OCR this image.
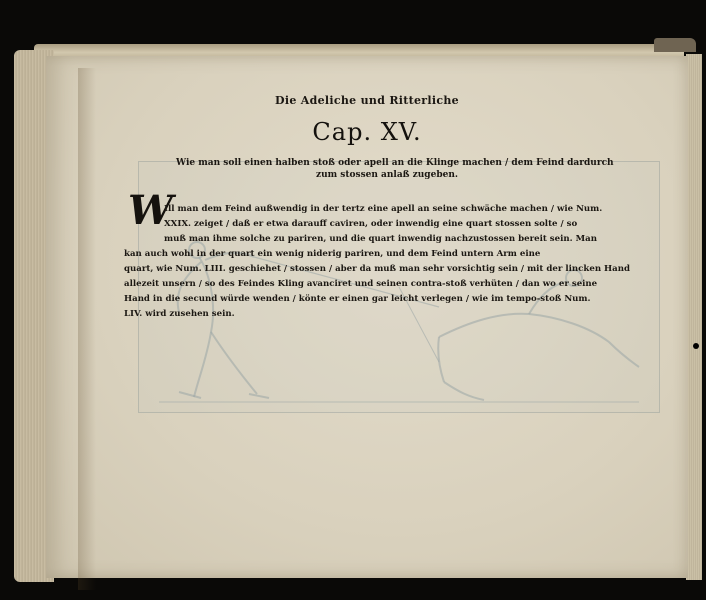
Die Adeliche und Ritterliche
Cap. XV.
Wie man soll einen halben stoß oder apell an die Klinge machen / dem Feind dardurch
zum stossen anlaß zugeben.
W
Ill man dem Feind außwendig in der tertz eine apell an seine schwäche machen / wie Num.
XXIX. zeiget / daß er etwa darauff caviren, oder inwendig eine quart stossen solte / so
muß man ihme solche zu pariren, und die quart inwendig nachzustossen bereit sein. Man
kan auch wohl in der quart ein wenig niderig pariren, und dem Feind untern Arm eine
quart, wie Num. LIII. geschiehet / stossen / aber da muß man sehr vorsichtig sein / mit der lincken Hand
allezeit unsern / so des Feindes Kling avanciret und seinen contra-stoß verhüten / dan wo er seine
Hand in die secund würde wenden / könte er einen gar leicht verlegen / wie im tempo-stoß Num.
LIV. wird zusehen sein.
